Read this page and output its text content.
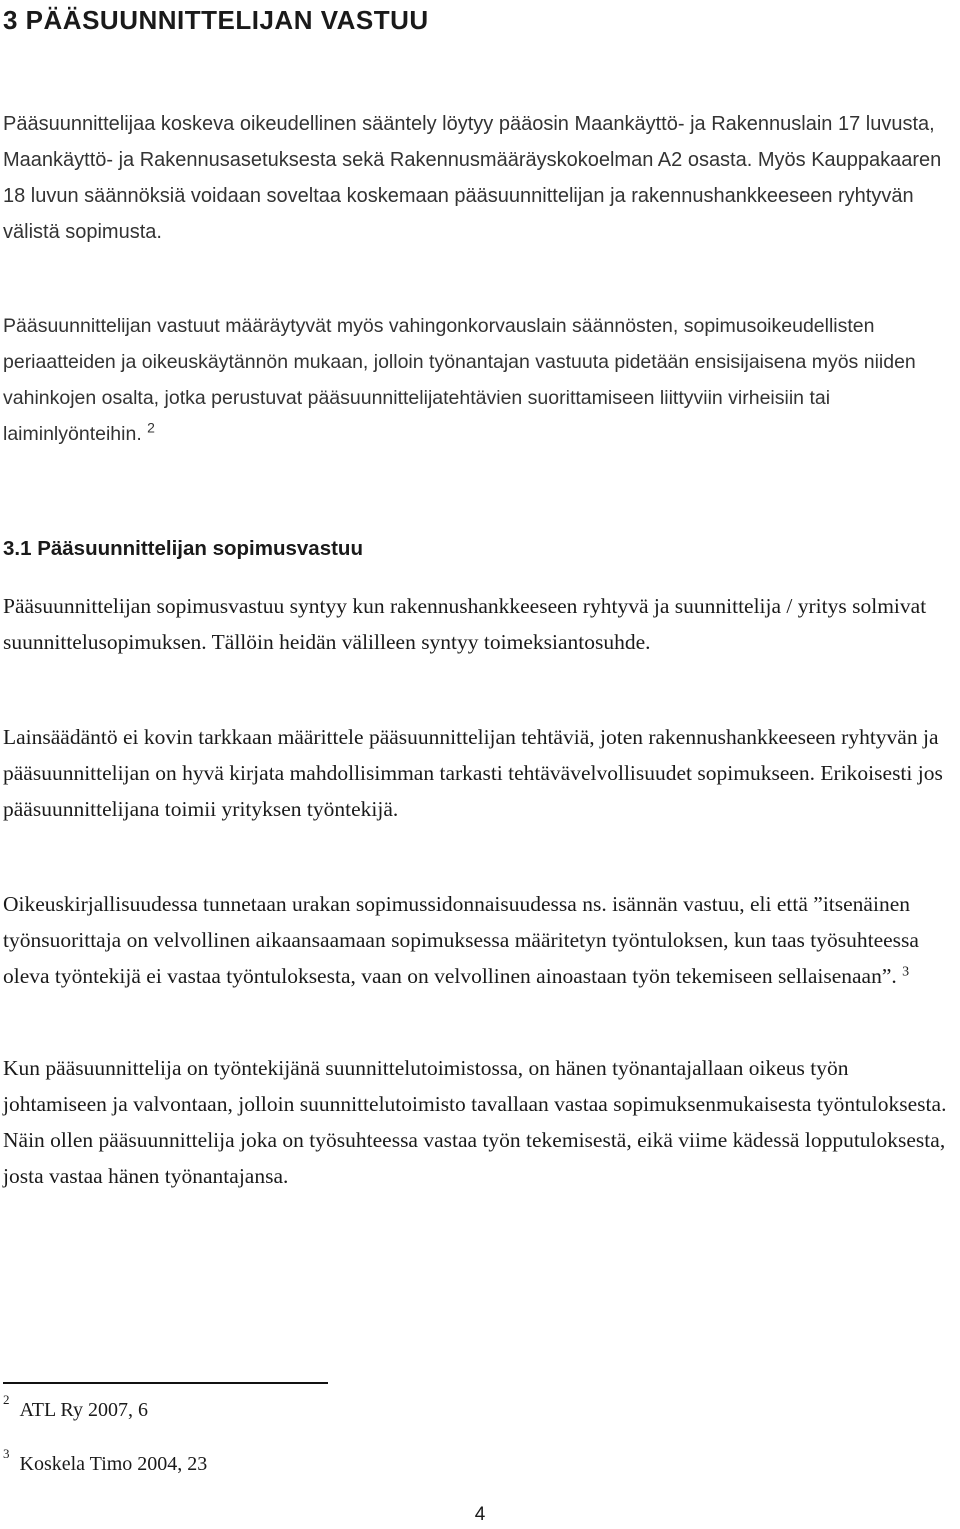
3 PÄÄSUUNNITTELIJAN VASTUU

Pääsuunnittelijaa koskeva oikeudellinen sääntely löytyy pääosin Maankäyttö- ja Rakennuslain 17 luvusta, Maankäyttö- ja Rakennusasetuksesta sekä Rakennusmääräyskokoelman A2 osasta. Myös Kauppakaaren 18 luvun säännöksiä voidaan soveltaa koskemaan pääsuunnittelijan ja rakennushankkeeseen ryhtyvän välistä sopimusta.

Pääsuunnittelijan vastuut määräytyvät myös vahingonkorvauslain säännösten, sopimusoikeudellisten periaatteiden ja oikeuskäytännön mukaan, jolloin työnantajan vastuuta pidetään ensisijaisena myös niiden vahinkojen osalta, jotka perustuvat pääsuunnittelijatehtävien suorittamiseen liittyviin virheisiin tai laiminlyönteihin. $^2$

3.1 Pääsuunnittelijan sopimusvastuu

Pääsuunnittelijan sopimusvastuu syntyy kun rakennushankkeeseen ryhtyvä ja suunnittelija / yritys solmivat suunnittelusopimuksen. Tällöin heidän välilleen syntyy toimeksiantosuhde.

Lainsäädäntö ei kovin tarkkaan määrittele pääsuunnittelijan tehtäviä, joten rakennushankkeeseen ryhtyvän ja pääsuunnittelijan on hyvä kirjata mahdollisimman tarkasti tehtävävelvollisuudet sopimukseen. Erikoisesti jos pääsuunnittelijana toimii yrityksen työntekijä.

Oikeuskirjallisuudessa tunnetaan urakan sopimussidonnaisuudessa ns. isännän vastuu, eli että ”itsenäinen työnsuorittaja on velvollinen aikaansaamaan sopimuksessa määritetyn työntuloksen, kun taas työsuhteessa oleva työntekijä ei vastaa työntuloksesta, vaan on velvollinen ainoastaan työn tekemiseen sellaisenaan”. $^3$

Kun pääsuunnittelija on työntekijänä suunnittelutoimistossa, on hänen työnantajallaan oikeus työn johtamiseen ja valvontaan, jolloin suunnittelutoimisto tavallaan vastaa sopimuksenmukaisesta työntuloksesta. Näin ollen pääsuunnittelija joka on työsuhteessa vastaa työn tekemisestä, eikä viime kädessä lopputuloksesta, josta vastaa hänen työnantajansa.

$^2$ ATL Ry 2007, 6

$^3$ Koskela Timo 2004, 23

4
